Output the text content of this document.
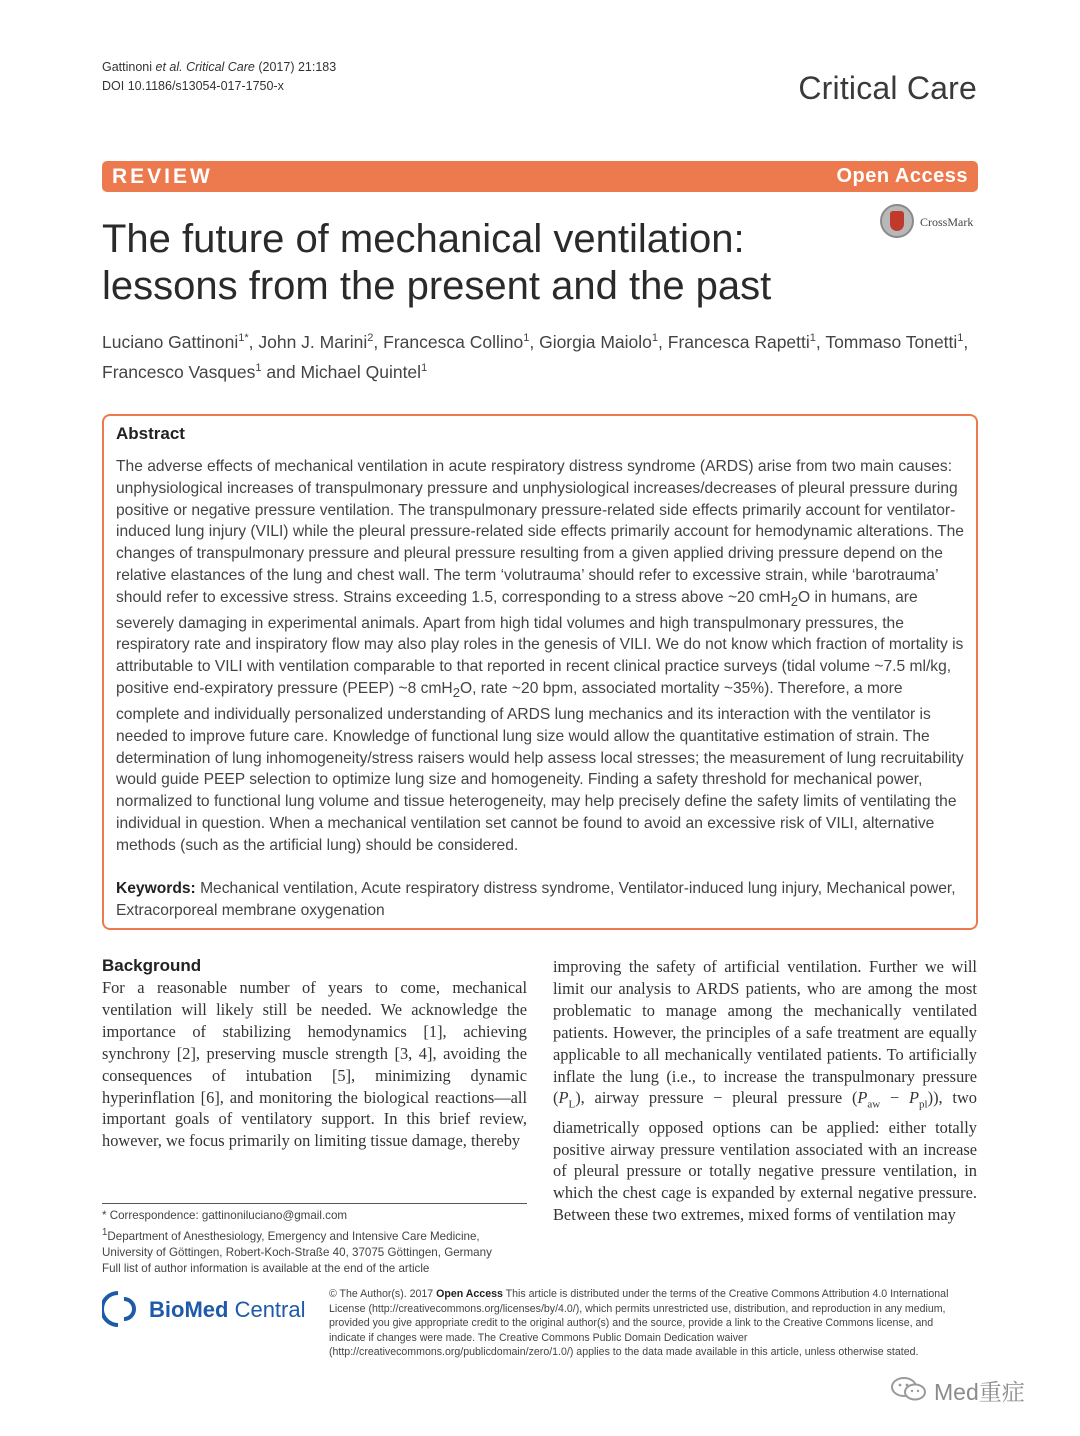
Gattinoni et al. Critical Care (2017) 21:183
DOI 10.1186/s13054-017-1750-x	Critical Care
REVIEW	Open Access
CrossMark
The future of mechanical ventilation:
lessons from the present and the past
Luciano Gattinoni$^{1*}$, John J. Marini$^2$, Francesca Collino$^1$, Giorgia Maiolo$^1$, Francesca Rapetti$^1$, Tommaso Tonetti$^1$,
Francesco Vasques$^1$ and Michael Quintel$^1$
Abstract

The adverse effects of mechanical ventilation in acute respiratory distress syndrome (ARDS) arise from two main causes: unphysiological increases of transpulmonary pressure and unphysiological increases/decreases of pleural pressure during positive or negative pressure ventilation. The transpulmonary pressure-related side effects primarily account for ventilator-induced lung injury (VILI) while the pleural pressure-related side effects primarily account for hemodynamic alterations. The changes of transpulmonary pressure and pleural pressure resulting from a given applied driving pressure depend on the relative elastances of the lung and chest wall. The term ‘volutrauma’ should refer to excessive strain, while ‘barotrauma’ should refer to excessive stress. Strains exceeding 1.5, corresponding to a stress above ~20 cmH$_2$O in humans, are severely damaging in experimental animals. Apart from high tidal volumes and high transpulmonary pressures, the respiratory rate and inspiratory flow may also play roles in the genesis of VILI. We do not know which fraction of mortality is attributable to VILI with ventilation comparable to that reported in recent clinical practice surveys (tidal volume ~7.5 ml/kg, positive end-expiratory pressure (PEEP) ~8 cmH$_2$O, rate ~20 bpm, associated mortality ~35%). Therefore, a more complete and individually personalized understanding of ARDS lung mechanics and its interaction with the ventilator is needed to improve future care. Knowledge of functional lung size would allow the quantitative estimation of strain. The determination of lung inhomogeneity/stress raisers would help assess local stresses; the measurement of lung recruitability would guide PEEP selection to optimize lung size and homogeneity. Finding a safety threshold for mechanical power, normalized to functional lung volume and tissue heterogeneity, may help precisely define the safety limits of ventilating the individual in question. When a mechanical ventilation set cannot be found to avoid an excessive risk of VILI, alternative methods (such as the artificial lung) should be considered.

Keywords: Mechanical ventilation, Acute respiratory distress syndrome, Ventilator-induced lung injury, Mechanical power, Extracorporeal membrane oxygenation

Background

For a reasonable number of years to come, mechanical ventilation will likely still be needed. We acknowledge the importance of stabilizing hemodynamics [1], achieving synchrony [2], preserving muscle strength [3, 4], avoiding the consequences of intubation [5], minimizing dynamic hyperinflation [6], and monitoring the biological reactions—all important goals of ventilatory support. In this brief review, however, we focus primarily on limiting tissue damage, thereby

improving the safety of artificial ventilation. Further we will limit our analysis to ARDS patients, who are among the most problematic to manage among the mechanically ventilated patients. However, the principles of a safe treatment are equally applicable to all mechanically ventilated patients. To artificially inflate the lung (i.e., to increase the transpulmonary pressure $(P_L)$, airway pressure − pleural pressure $(P_{aw} - P_{pl})$), two diametrically opposed options can be applied: either totally positive airway pressure ventilation associated with an increase of pleural pressure or totally negative pressure ventilation, in which the chest cage is expanded by external negative pressure. Between these two extremes, mixed forms of ventilation may

* Correspondence: gattinoniluciano@gmail.com
$^1$Department of Anesthesiology, Emergency and Intensive Care Medicine, University of Göttingen, Robert-Koch-Straße 40, 37075 Göttingen, Germany
Full list of author information is available at the end of the article
BioMed Central
© The Author(s). 2017 Open Access This article is distributed under the terms of the Creative Commons Attribution 4.0 International License (http://creativecommons.org/licenses/by/4.0/), which permits unrestricted use, distribution, and reproduction in any medium, provided you give appropriate credit to the original author(s) and the source, provide a link to the Creative Commons license, and indicate if changes were made. The Creative Commons Public Domain Dedication waiver (http://creativecommons.org/publicdomain/zero/1.0/) applies to the data made available in this article, unless otherwise stated.
Med重症
